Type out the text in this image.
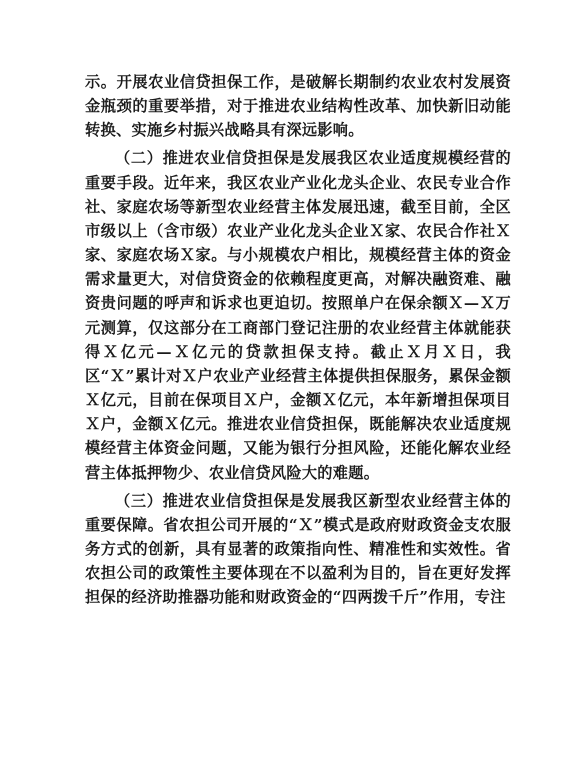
示。开展农业信贷担保工作，是破解长期制约农业农村发展资金瓶颈的重要举措，对于推进农业结构性改革、加快新旧动能转换、实施乡村振兴战略具有深远影响。

（二）推进农业信贷担保是发展我区农业适度规模经营的重要手段。近年来，我区农业产业化龙头企业、农民专业合作社、家庭农场等新型农业经营主体发展迅速，截至目前，全区市级以上（含市级）农业产业化龙头企业Ｘ家、农民合作社Ｘ家、家庭农场Ｘ家。与小规模农户相比，规模经营主体的资金需求量更大，对信贷资金的依赖程度更高，对解决融资难、融资贵问题的呼声和诉求也更迫切。按照单户在保余额Ｘ—Ｘ万元测算，仅这部分在工商部门登记注册的农业经营主体就能获得Ｘ亿元—Ｘ亿元的贷款担保支持。截止Ｘ月Ｘ日，我区“Ｘ”累计对Ｘ户农业产业经营主体提供担保服务，累保金额Ｘ亿元，目前在保项目Ｘ户，金额Ｘ亿元，本年新增担保项目Ｘ户，金额Ｘ亿元。推进农业信贷担保，既能解决农业适度规模经营主体资金问题，又能为银行分担风险，还能化解农业经营主体抵押物少、农业信贷风险大的难题。

（三）推进农业信贷担保是发展我区新型农业经营主体的重要保障。省农担公司开展的“Ｘ”模式是政府财政资金支农服务方式的创新，具有显著的政策指向性、精准性和实效性。省农担公司的政策性主要体现在不以盈利为目的，旨在更好发挥担保的经济助推器功能和财政资金的“四两拨千斤”作用，专注
